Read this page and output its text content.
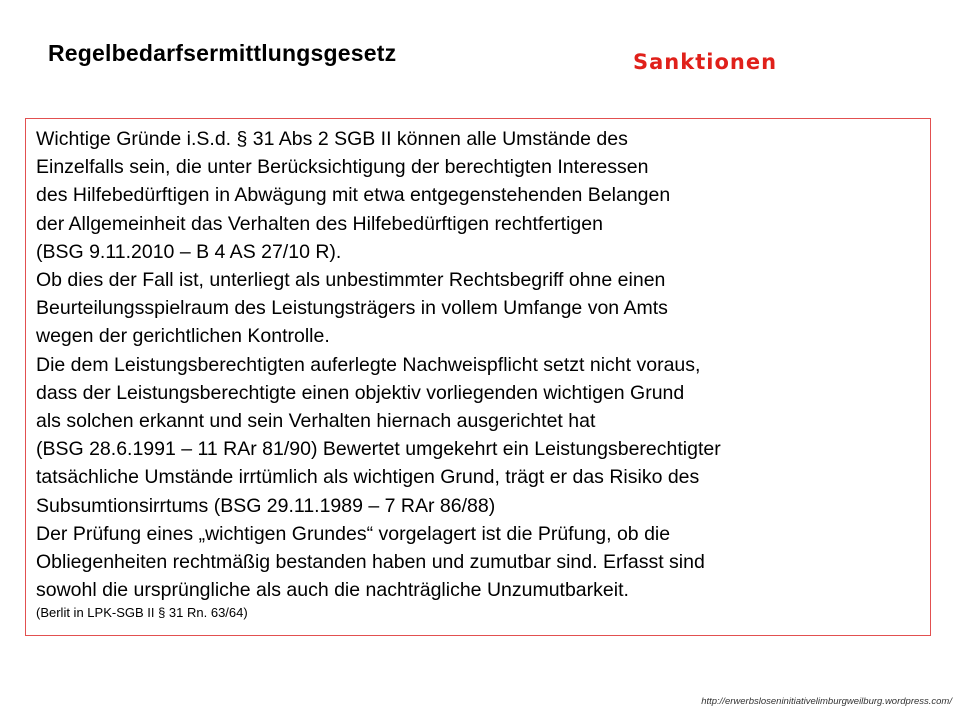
Regelbedarfsermittlungsgesetz	Sanktionen
Wichtige Gründe i.S.d. § 31 Abs 2 SGB II können alle Umstände des
Einzelfalls sein, die unter Berücksichtigung der berechtigten Interessen
des Hilfebedürftigen in Abwägung mit etwa entgegenstehenden Belangen
der Allgemeinheit das Verhalten des Hilfebedürftigen rechtfertigen
(BSG 9.11.2010 – B 4 AS 27/10 R).
Ob dies der Fall ist, unterliegt als unbestimmter Rechtsbegriff ohne einen
Beurteilungsspielraum des Leistungsträgers in vollem Umfange von Amts
wegen der gerichtlichen Kontrolle.
Die dem Leistungsberechtigten auferlegte Nachweispflicht setzt nicht voraus,
dass der Leistungsberechtigte einen objektiv vorliegenden wichtigen Grund
als solchen erkannt und sein Verhalten hiernach ausgerichtet hat
(BSG 28.6.1991 – 11 RAr 81/90) Bewertet umgekehrt ein Leistungsberechtigter
tatsächliche Umstände irrtümlich als wichtigen Grund, trägt er das Risiko des
Subsumtionsirrtums (BSG 29.11.1989 – 7 RAr 86/88)
Der Prüfung eines „wichtigen Grundes“ vorgelagert ist die Prüfung, ob die
Obliegenheiten rechtmäßig bestanden haben und zumutbar sind. Erfasst sind
sowohl die ursprüngliche als auch die nachträgliche Unzumutbarkeit.
(Berlit in LPK-SGB II § 31 Rn. 63/64)
http://erwerbsloseninitiativelimburgweilburg.wordpress.com/
